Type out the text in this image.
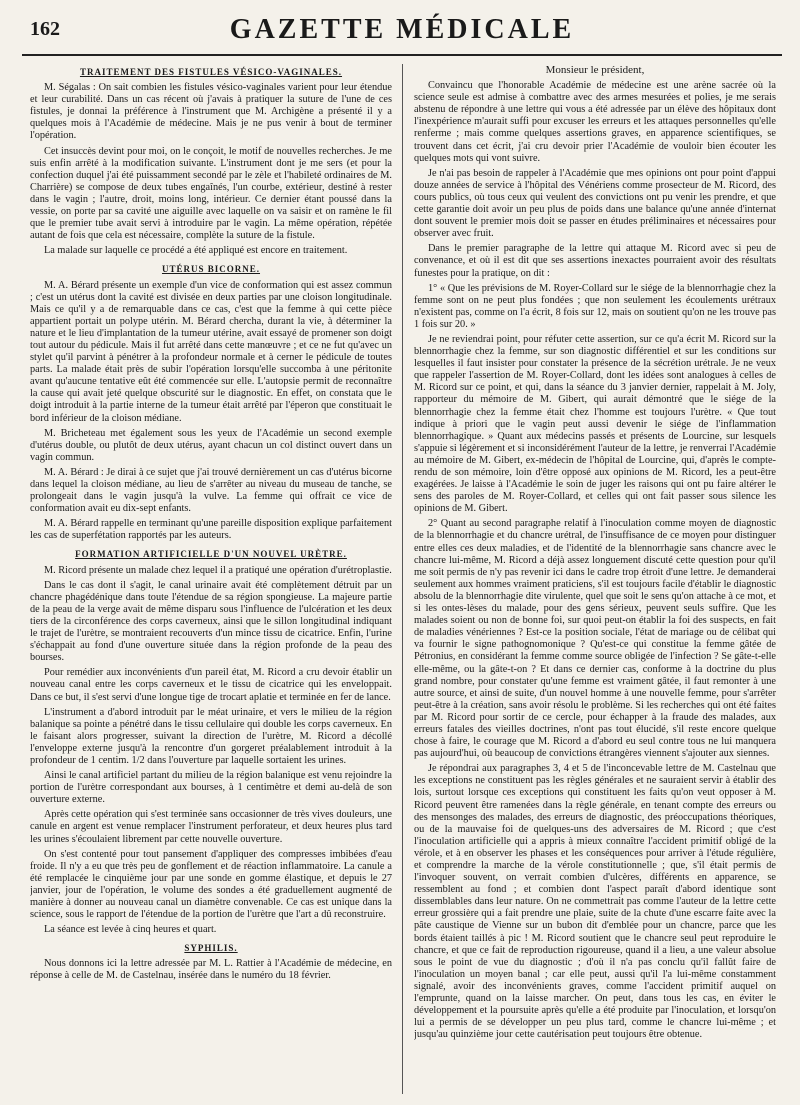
162	GAZETTE MÉDICALE
TRAITEMENT DES FISTULES VÉSICO-VAGINALES.

M. Ségalas : On sait combien les fistules vésico-vaginales varient pour leur étendue et leur curabilité. Dans un cas récent où j'avais à pratiquer la suture de l'une de ces fistules, je donnai la préférence à l'instrument que M. Archigène a présenté il y a quelques mois à l'Académie de médecine. Mais je ne pus venir à bout de terminer l'opération.

Cet insuccès devint pour moi, on le conçoit, le motif de nouvelles recherches. Je me suis enfin arrêté à la modification suivante. L'instrument dont je me sers (et pour la confection duquel j'ai été puissamment secondé par le zèle et l'habileté ordinaires de M. Charrière) se compose de deux tubes engaînés, l'un courbe, extérieur, destiné à rester dans le vagin ; l'autre, droit, moins long, intérieur. Ce dernier étant poussé dans la vessie, on porte par sa cavité une aiguille avec laquelle on va saisir et on ramène le fil que le premier tube avait servi à introduire par le vagin. La même opération, répétée autant de fois que cela est nécessaire, complète la suture de la fistule.

La malade sur laquelle ce procédé a été appliqué est encore en traitement.

UTÉRUS BICORNE.

M. A. Bérard présente un exemple d'un vice de conformation qui est assez commun ; c'est un utérus dont la cavité est divisée en deux parties par une cloison longitudinale. Mais ce qu'il y a de remarquable dans ce cas, c'est que la femme à qui cette pièce appartient portait un polype utérin. M. Bérard chercha, durant la vie, à déterminer la nature et le lieu d'implantation de la tumeur utérine, avait essayé de promener son doigt tout autour du pédicule. Mais il fut arrêté dans cette manœuvre ; et ce ne fut qu'avec un stylet qu'il parvint à pénétrer à la profondeur normale et à cerner le pédicule de toutes parts. La malade était près de subir l'opération lorsqu'elle succomba à une péritonite avant qu'aucune tentative eût été commencée sur elle. L'autopsie permit de reconnaître la cause qui avait jeté quelque obscurité sur le diagnostic. En effet, on constata que le doigt introduit à la partie interne de la tumeur était arrêté par l'éperon que constituait le bord inférieur de la cloison médiane.

M. Bricheteau met également sous les yeux de l'Académie un second exemple d'utérus double, ou plutôt de deux utérus, ayant chacun un col distinct ouvert dans un vagin commun.

M. A. Bérard : Je dirai à ce sujet que j'ai trouvé dernièrement un cas d'utérus bicorne dans lequel la cloison médiane, au lieu de s'arrêter au niveau du museau de tanche, se prolongeait dans le vagin jusqu'à la vulve. La femme qui offrait ce vice de conformation avait eu dix-sept enfants.

M. A. Bérard rappelle en terminant qu'une pareille disposition explique parfaitement les cas de superfétation rapportés par les auteurs.

FORMATION ARTIFICIELLE D'UN NOUVEL URÈTRE.

M. Ricord présente un malade chez lequel il a pratiqué une opération d'urétroplastie.

Dans le cas dont il s'agit, le canal urinaire avait été complètement détruit par un chancre phagédénique dans toute l'étendue de sa région spongieuse. La majeure partie de la peau de la verge avait de même disparu sous l'influence de l'ulcération et les deux tiers de la circonférence des corps caverneux, ainsi que le sillon longitudinal indiquant le trajet de l'urètre, se montraient recouverts d'un mince tissu de cicatrice. Enfin, l'urine s'échappait au fond d'une ouverture située dans la région profonde de la peau des bourses.

Pour remédier aux inconvénients d'un pareil état, M. Ricord a cru devoir établir un nouveau canal entre les corps caverneux et le tissu de cicatrice qui les enveloppait. Dans ce but, il s'est servi d'une longue tige de trocart aplatie et terminée en fer de lance.

L'instrument a d'abord introduit par le méat urinaire, et vers le milieu de la région balanique sa pointe a pénétré dans le tissu cellulaire qui double les corps caverneux. En le faisant alors progresser, suivant la direction de l'urètre, M. Ricord a décollé l'enveloppe externe jusqu'à la rencontre d'un gorgeret préalablement introduit à la profondeur de 1 centim. 1/2 dans l'ouverture par laquelle sortaient les urines.

Ainsi le canal artificiel partant du milieu de la région balanique est venu rejoindre la portion de l'urètre correspondant aux bourses, à 1 centimètre et demi au-delà de son ouverture externe.

Après cette opération qui s'est terminée sans occasionner de très vives douleurs, une canule en argent est venue remplacer l'instrument perforateur, et deux heures plus tard les urines s'écoulaient librement par cette nouvelle ouverture.

On s'est contenté pour tout pansement d'appliquer des compresses imbibées d'eau froide. Il n'y a eu que très peu de gonflement et de réaction inflammatoire. La canule a été remplacée le cinquième jour par une sonde en gomme élastique, et depuis le 27 janvier, jour de l'opération, le volume des sondes a été graduellement augmenté de manière à donner au nouveau canal un diamètre convenable. Ce cas est unique dans la science, sous le rapport de l'étendue de la portion de l'urètre que l'art a dû reconstruire.

La séance est levée à cinq heures et quart.

SYPHILIS.

Nous donnons ici la lettre adressée par M. L. Rattier à l'Académie de médecine, en réponse à celle de M. de Castelnau, insérée dans le numéro du 18 février.

Monsieur le président,

Convaincu que l'honorable Académie de médecine est une arène sacrée où la science seule est admise à combattre avec des armes mesurées et polies, je me serais abstenu de répondre à une lettre qui vous a été adressée par un élève des hôpitaux dont l'inexpérience m'aurait suffi pour excuser les erreurs et les attaques personnelles qu'elle renferme ; mais comme quelques assertions graves, en apparence scientifiques, se trouvent dans cet écrit, j'ai cru devoir prier l'Académie de vouloir bien écouter les quelques mots qui vont suivre.

Je n'ai pas besoin de rappeler à l'Académie que mes opinions ont pour point d'appui douze années de service à l'hôpital des Vénériens comme prosecteur de M. Ricord, des cours publics, où tous ceux qui veulent des convictions ont pu venir les prendre, et que cette garantie doit avoir un peu plus de poids dans une balance qu'une année d'internat dont souvent le premier mois doit se passer en études préliminaires et nécessaires pour observer avec fruit.

Dans le premier paragraphe de la lettre qui attaque M. Ricord avec si peu de convenance, et où il est dit que ses assertions inexactes pourraient avoir des résultats funestes pour la pratique, on dit :

1° « Que les prévisions de M. Royer-Collard sur le siége de la blennorrhagie chez la femme sont on ne peut plus fondées ; que non seulement les écoulements urétraux n'existent pas, comme on l'a écrit, 8 fois sur 12, mais on soutient qu'on ne les trouve pas 1 fois sur 20. »

Je ne reviendrai point, pour réfuter cette assertion, sur ce qu'a écrit M. Ricord sur la blennorrhagie chez la femme, sur son diagnostic différentiel et sur les conditions sur lesquelles il faut insister pour constater la présence de la sécrétion urétrale. Je ne veux que rappeler l'assertion de M. Royer-Collard, dont les idées sont analogues à celles de M. Ricord sur ce point, et qui, dans la séance du 3 janvier dernier, rappelait à M. Joly, rapporteur du mémoire de M. Gibert, qui aurait démontré que le siége de la blennorrhagie chez la femme était chez l'homme est toujours l'urètre. « Que tout indique à priori que le vagin peut aussi devenir le siége de l'inflammation blennorrhagique. » Quant aux médecins passés et présents de Lourcine, sur lesquels s'appuie si légèrement et si inconsidérément l'auteur de la lettre, je renverrai l'Académie au mémoire de M. Gibert, ex-médecin de l'hôpital de Lourcine, qui, d'après le compte-rendu de son mémoire, loin d'être opposé aux opinions de M. Ricord, les a peut-être exagérées. Je laisse à l'Académie le soin de juger les raisons qui ont pu faire altérer le sens des paroles de M. Royer-Collard, et celles qui ont fait passer sous silence les opinions de M. Gibert.

2° Quant au second paragraphe relatif à l'inoculation comme moyen de diagnostic de la blennorrhagie et du chancre urétral, de l'insuffisance de ce moyen pour distinguer entre elles ces deux maladies, et de l'identité de la blennorrhagie sans chancre avec le chancre lui-même, M. Ricord a déjà assez longuement discuté cette question pour qu'il me soit permis de n'y pas revenir ici dans le cadre trop étroit d'une lettre. Je demanderai seulement aux hommes vraiment praticiens, s'il est toujours facile d'établir le diagnostic absolu de la blennorrhagie dite virulente, quel que soit le sens qu'on attache à ce mot, et si les ontes-lèses du malade, pour des gens sérieux, peuvent seuls suffire. Que les malades soient ou non de bonne foi, sur quoi peut-on établir la foi des suspects, en fait de maladies vénériennes ? Est-ce la position sociale, l'état de mariage ou de célibat qui va fournir le signe pathognomonique ? Qu'est-ce qui constitue la femme gâtée de Pétronius, en considérant la femme comme source obligée de l'infection ? Se gâte-t-elle elle-même, ou la gâte-t-on ? Et dans ce dernier cas, conforme à la doctrine du plus grand nombre, pour constater qu'une femme est vraiment gâtée, il faut remonter à une autre source, et ainsi de suite, d'un nouvel homme à une nouvelle femme, pour s'arrêter peut-être à la création, sans avoir résolu le problème. Si les recherches qui ont été faites par M. Ricord pour sortir de ce cercle, pour échapper à la fraude des malades, aux erreurs fatales des vieilles doctrines, n'ont pas tout élucidé, s'il reste encore quelque chose à faire, le courage que M. Ricord a d'abord eu seul contre tous ne lui manquera pas aujourd'hui, où beaucoup de convictions étrangères viennent s'ajouter aux siennes.

Je répondrai aux paragraphes 3, 4 et 5 de l'inconcevable lettre de M. Castelnau que les exceptions ne constituent pas les règles générales et ne sauraient servir à établir des lois, surtout lorsque ces exceptions qui constituent les faits qu'on veut opposer à M. Ricord peuvent être ramenées dans la règle générale, en tenant compte des erreurs ou des mensonges des malades, des erreurs de diagnostic, des préoccupations théoriques, ou de la mauvaise foi de quelques-uns des adversaires de M. Ricord ; que c'est l'inoculation artificielle qui a appris à mieux connaître l'accident primitif obligé de la vérole, et à en observer les phases et les conséquences pour arriver à l'étude régulière, et comprendre la marche de la vérole constitutionnelle ; que, s'il était permis de l'invoquer souvent, on verrait combien d'ulcères, différents en apparence, se ressemblent au fond ; et combien dont l'aspect paraît d'abord identique sont dissemblables dans leur nature. On ne commettrait pas comme l'auteur de la lettre cette erreur grossière qui a fait prendre une plaie, suite de la chute d'une escarre faite avec la pâte caustique de Vienne sur un bubon dit d'emblée pour un chancre, parce que les bords étaient taillés à pic ! M. Ricord soutient que le chancre seul peut reproduire le chancre, et que ce fait de reproduction rigoureuse, quand il a lieu, a une valeur absolue sous le point de vue du diagnostic ; d'où il n'a pas conclu qu'il fallût faire de l'inoculation un moyen banal ; car elle peut, aussi qu'il l'a lui-même constamment signalé, avoir des inconvénients graves, comme l'accident primitif auquel on l'emprunte, quand on la laisse marcher. On peut, dans tous les cas, en éviter le développement et la poursuite après qu'elle a été produite par l'inoculation, et lorsqu'on lui a permis de se développer un peu plus tard, comme le chancre lui-même ; et jusqu'au quinzième jour cette cautérisation peut toujours être obtenue.
